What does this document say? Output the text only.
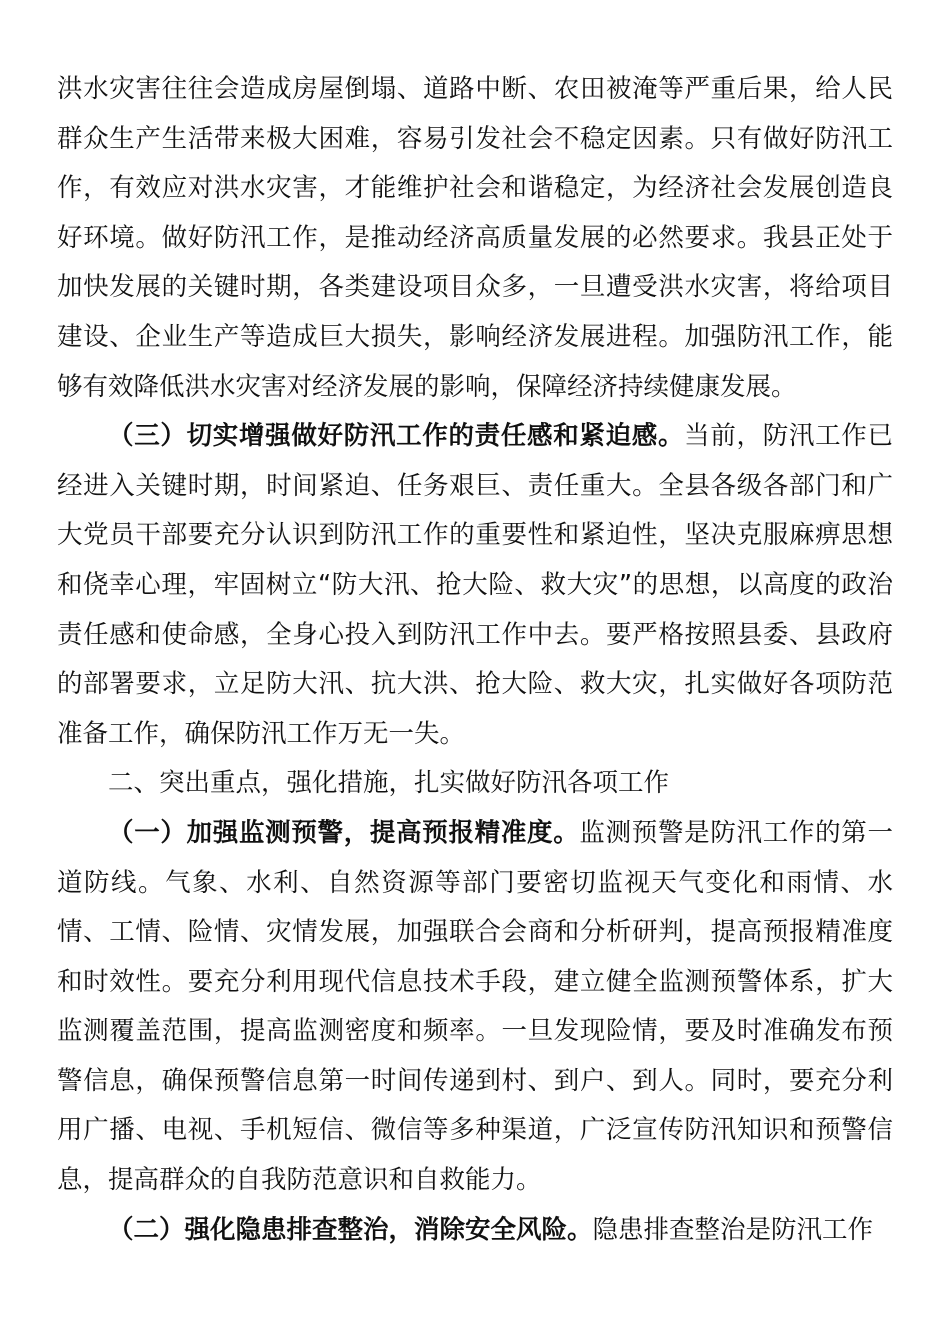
洪水灾害往往会造成房屋倒塌、道路中断、农田被淹等严重后果，给人民群众生产生活带来极大困难，容易引发社会不稳定因素。只有做好防汛工作，有效应对洪水灾害，才能维护社会和谐稳定，为经济社会发展创造良好环境。做好防汛工作，是推动经济高质量发展的必然要求。我县正处于加快发展的关键时期，各类建设项目众多，一旦遭受洪水灾害，将给项目建设、企业生产等造成巨大损失，影响经济发展进程。加强防汛工作，能够有效降低洪水灾害对经济发展的影响，保障经济持续健康发展。

（三）切实增强做好防汛工作的责任感和紧迫感。当前，防汛工作已经进入关键时期，时间紧迫、任务艰巨、责任重大。全县各级各部门和广大党员干部要充分认识到防汛工作的重要性和紧迫性，坚决克服麻痹思想和侥幸心理，牢固树立“防大汛、抢大险、救大灾”的思想，以高度的政治责任感和使命感，全身心投入到防汛工作中去。要严格按照县委、县政府的部署要求，立足防大汛、抗大洪、抢大险、救大灾，扎实做好各项防范准备工作，确保防汛工作万无一失。

二、突出重点，强化措施，扎实做好防汛各项工作

（一）加强监测预警，提高预报精准度。监测预警是防汛工作的第一道防线。气象、水利、自然资源等部门要密切监视天气变化和雨情、水情、工情、险情、灾情发展，加强联合会商和分析研判，提高预报精准度和时效性。要充分利用现代信息技术手段，建立健全监测预警体系，扩大监测覆盖范围，提高监测密度和频率。一旦发现险情，要及时准确发布预警信息，确保预警信息第一时间传递到村、到户、到人。同时，要充分利用广播、电视、手机短信、微信等多种渠道，广泛宣传防汛知识和预警信息，提高群众的自我防范意识和自救能力。

（二）强化隐患排查整治，消除安全风险。隐患排查整治是防汛工作
